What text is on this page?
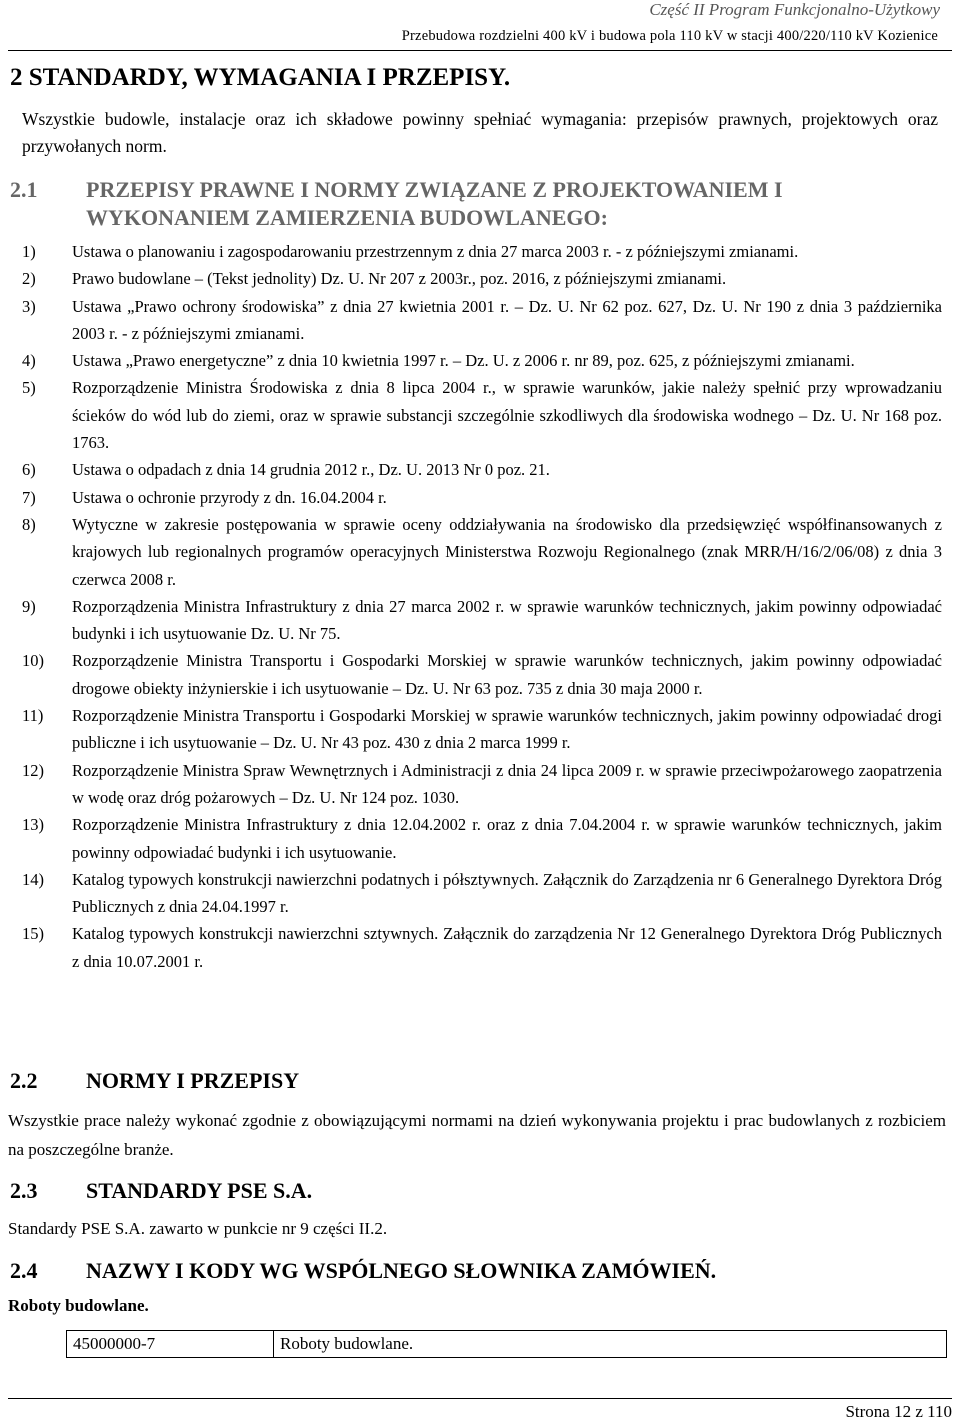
Część II Program Funkcjonalno-Użytkowy
Przebudowa rozdzielni 400 kV i budowa pola 110 kV w stacji 400/220/110 kV Kozienice
2 STANDARDY, WYMAGANIA I PRZEPISY.
Wszystkie budowle, instalacje oraz ich składowe powinny spełniać wymagania: przepisów prawnych, projektowych oraz przywołanych norm.
2.1	PRZEPISY PRAWNE I NORMY ZWIĄZANE Z PROJEKTOWANIEM I WYKONANIEM ZAMIERZENIA BUDOWLANEGO:
1)	Ustawa o planowaniu i zagospodarowaniu przestrzennym z dnia 27 marca 2003 r. - z późniejszymi zmianami.
2)	Prawo budowlane – (Tekst jednolity) Dz. U. Nr 207 z 2003r., poz. 2016, z późniejszymi zmianami.
3)	Ustawa „Prawo ochrony środowiska” z dnia 27 kwietnia 2001 r. – Dz. U. Nr 62 poz. 627, Dz. U. Nr 190 z dnia 3 października 2003 r. - z późniejszymi zmianami.
4)	Ustawa „Prawo energetyczne” z dnia 10 kwietnia 1997 r. – Dz. U. z 2006 r. nr 89, poz. 625, z późniejszymi zmianami.
5)	Rozporządzenie Ministra Środowiska z dnia 8 lipca 2004 r., w sprawie warunków, jakie należy spełnić przy wprowadzaniu ścieków do wód lub do ziemi, oraz w sprawie substancji szczególnie szkodliwych dla środowiska wodnego – Dz. U. Nr 168 poz. 1763.
6)	Ustawa o odpadach z dnia 14 grudnia 2012 r., Dz. U. 2013 Nr 0 poz. 21.
7)	Ustawa o ochronie przyrody z dn. 16.04.2004 r.
8)	Wytyczne w zakresie postępowania w sprawie oceny oddziaływania na środowisko dla przedsięwzięć współfinansowanych z krajowych lub regionalnych programów operacyjnych Ministerstwa Rozwoju Regionalnego (znak MRR/H/16/2/06/08) z dnia 3 czerwca 2008 r.
9)	Rozporządzenia Ministra Infrastruktury z dnia 27 marca 2002 r. w sprawie warunków technicznych, jakim powinny odpowiadać budynki i ich usytuowanie Dz. U. Nr 75.
10)	Rozporządzenie Ministra Transportu i Gospodarki Morskiej w sprawie warunków technicznych, jakim powinny odpowiadać drogowe obiekty inżynierskie i ich usytuowanie – Dz. U. Nr 63 poz. 735 z dnia 30 maja 2000 r.
11)	Rozporządzenie Ministra Transportu i Gospodarki Morskiej w sprawie warunków technicznych, jakim powinny odpowiadać drogi publiczne i ich usytuowanie – Dz. U. Nr 43 poz. 430 z dnia 2 marca 1999 r.
12)	Rozporządzenie Ministra Spraw Wewnętrznych i Administracji z dnia 24 lipca 2009 r. w sprawie przeciwpożarowego zaopatrzenia w wodę oraz dróg pożarowych – Dz. U. Nr 124 poz. 1030.
13)	Rozporządzenie Ministra Infrastruktury z dnia 12.04.2002 r. oraz z dnia 7.04.2004 r. w sprawie warunków technicznych, jakim powinny odpowiadać budynki i ich usytuowanie.
14)	Katalog typowych konstrukcji nawierzchni podatnych i półsztywnych. Załącznik do Zarządzenia nr 6 Generalnego Dyrektora Dróg Publicznych z dnia 24.04.1997 r.
15)	Katalog typowych konstrukcji nawierzchni sztywnych. Załącznik do zarządzenia Nr 12 Generalnego Dyrektora Dróg Publicznych z dnia 10.07.2001 r.
2.2 NORMY I PRZEPISY
Wszystkie prace należy wykonać zgodnie z obowiązującymi normami na dzień wykonywania projektu i prac budowlanych z rozbiciem na poszczególne branże.
2.3 STANDARDY PSE S.A.
Standardy PSE S.A. zawarto w punkcie nr 9 części II.2.
2.4 NAZWY I KODY WG WSPÓLNEGO SŁOWNIKA ZAMÓWIEŃ.
Roboty budowlane.
45000000-7	Roboty budowlane.
Strona 12 z 110
